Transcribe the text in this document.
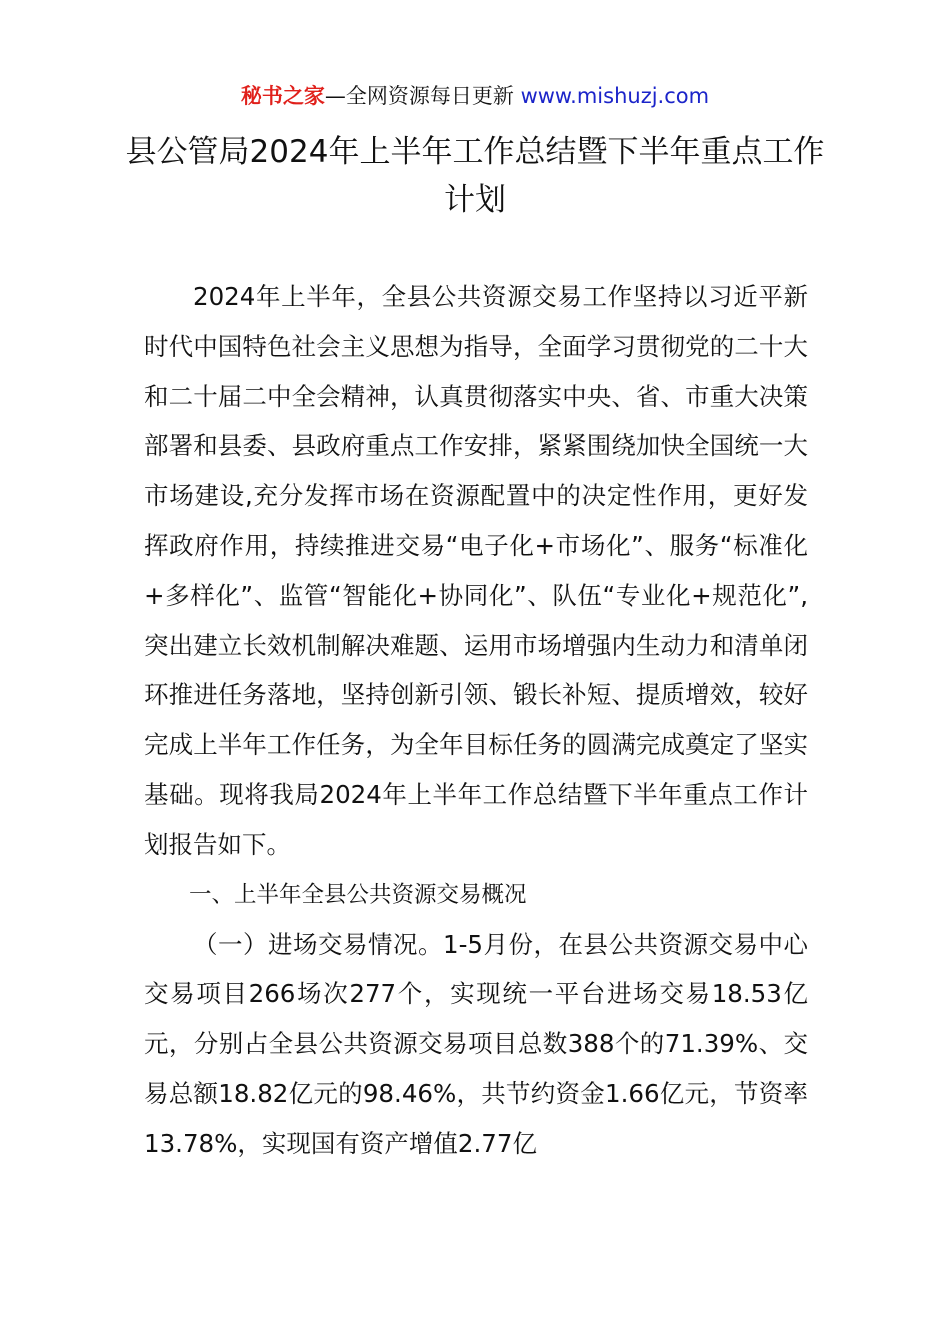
秘书之家—全网资源每日更新 www.mishuzj.com
县公管局2024年上半年工作总结暨下半年重点工作计划

2024年上半年，全县公共资源交易工作坚持以习近平新时代中国特色社会主义思想为指导，全面学习贯彻党的二十大和二十届二中全会精神，认真贯彻落实中央、省、市重大决策部署和县委、县政府重点工作安排，紧紧围绕加快全国统一大市场建设,充分发挥市场在资源配置中的决定性作用，更好发挥政府作用，持续推进交易“电子化+市场化”、服务“标准化+多样化”、监管“智能化+协同化”、队伍“专业化+规范化”,突出建立长效机制解决难题、运用市场增强内生动力和清单闭环推进任务落地，坚持创新引领、锻长补短、提质增效，较好完成上半年工作任务，为全年目标任务的圆满完成奠定了坚实基础。现将我局2024年上半年工作总结暨下半年重点工作计划报告如下。

一、上半年全县公共资源交易概况

（一）进场交易情况。1-5月份，在县公共资源交易中心交易项目266场次277个，实现统一平台进场交易18.53亿元，分别占全县公共资源交易项目总数388个的71.39%、交易总额18.82亿元的98.46%，共节约资金1.66亿元，节资率13.78%，实现国有资产增值2.77亿
